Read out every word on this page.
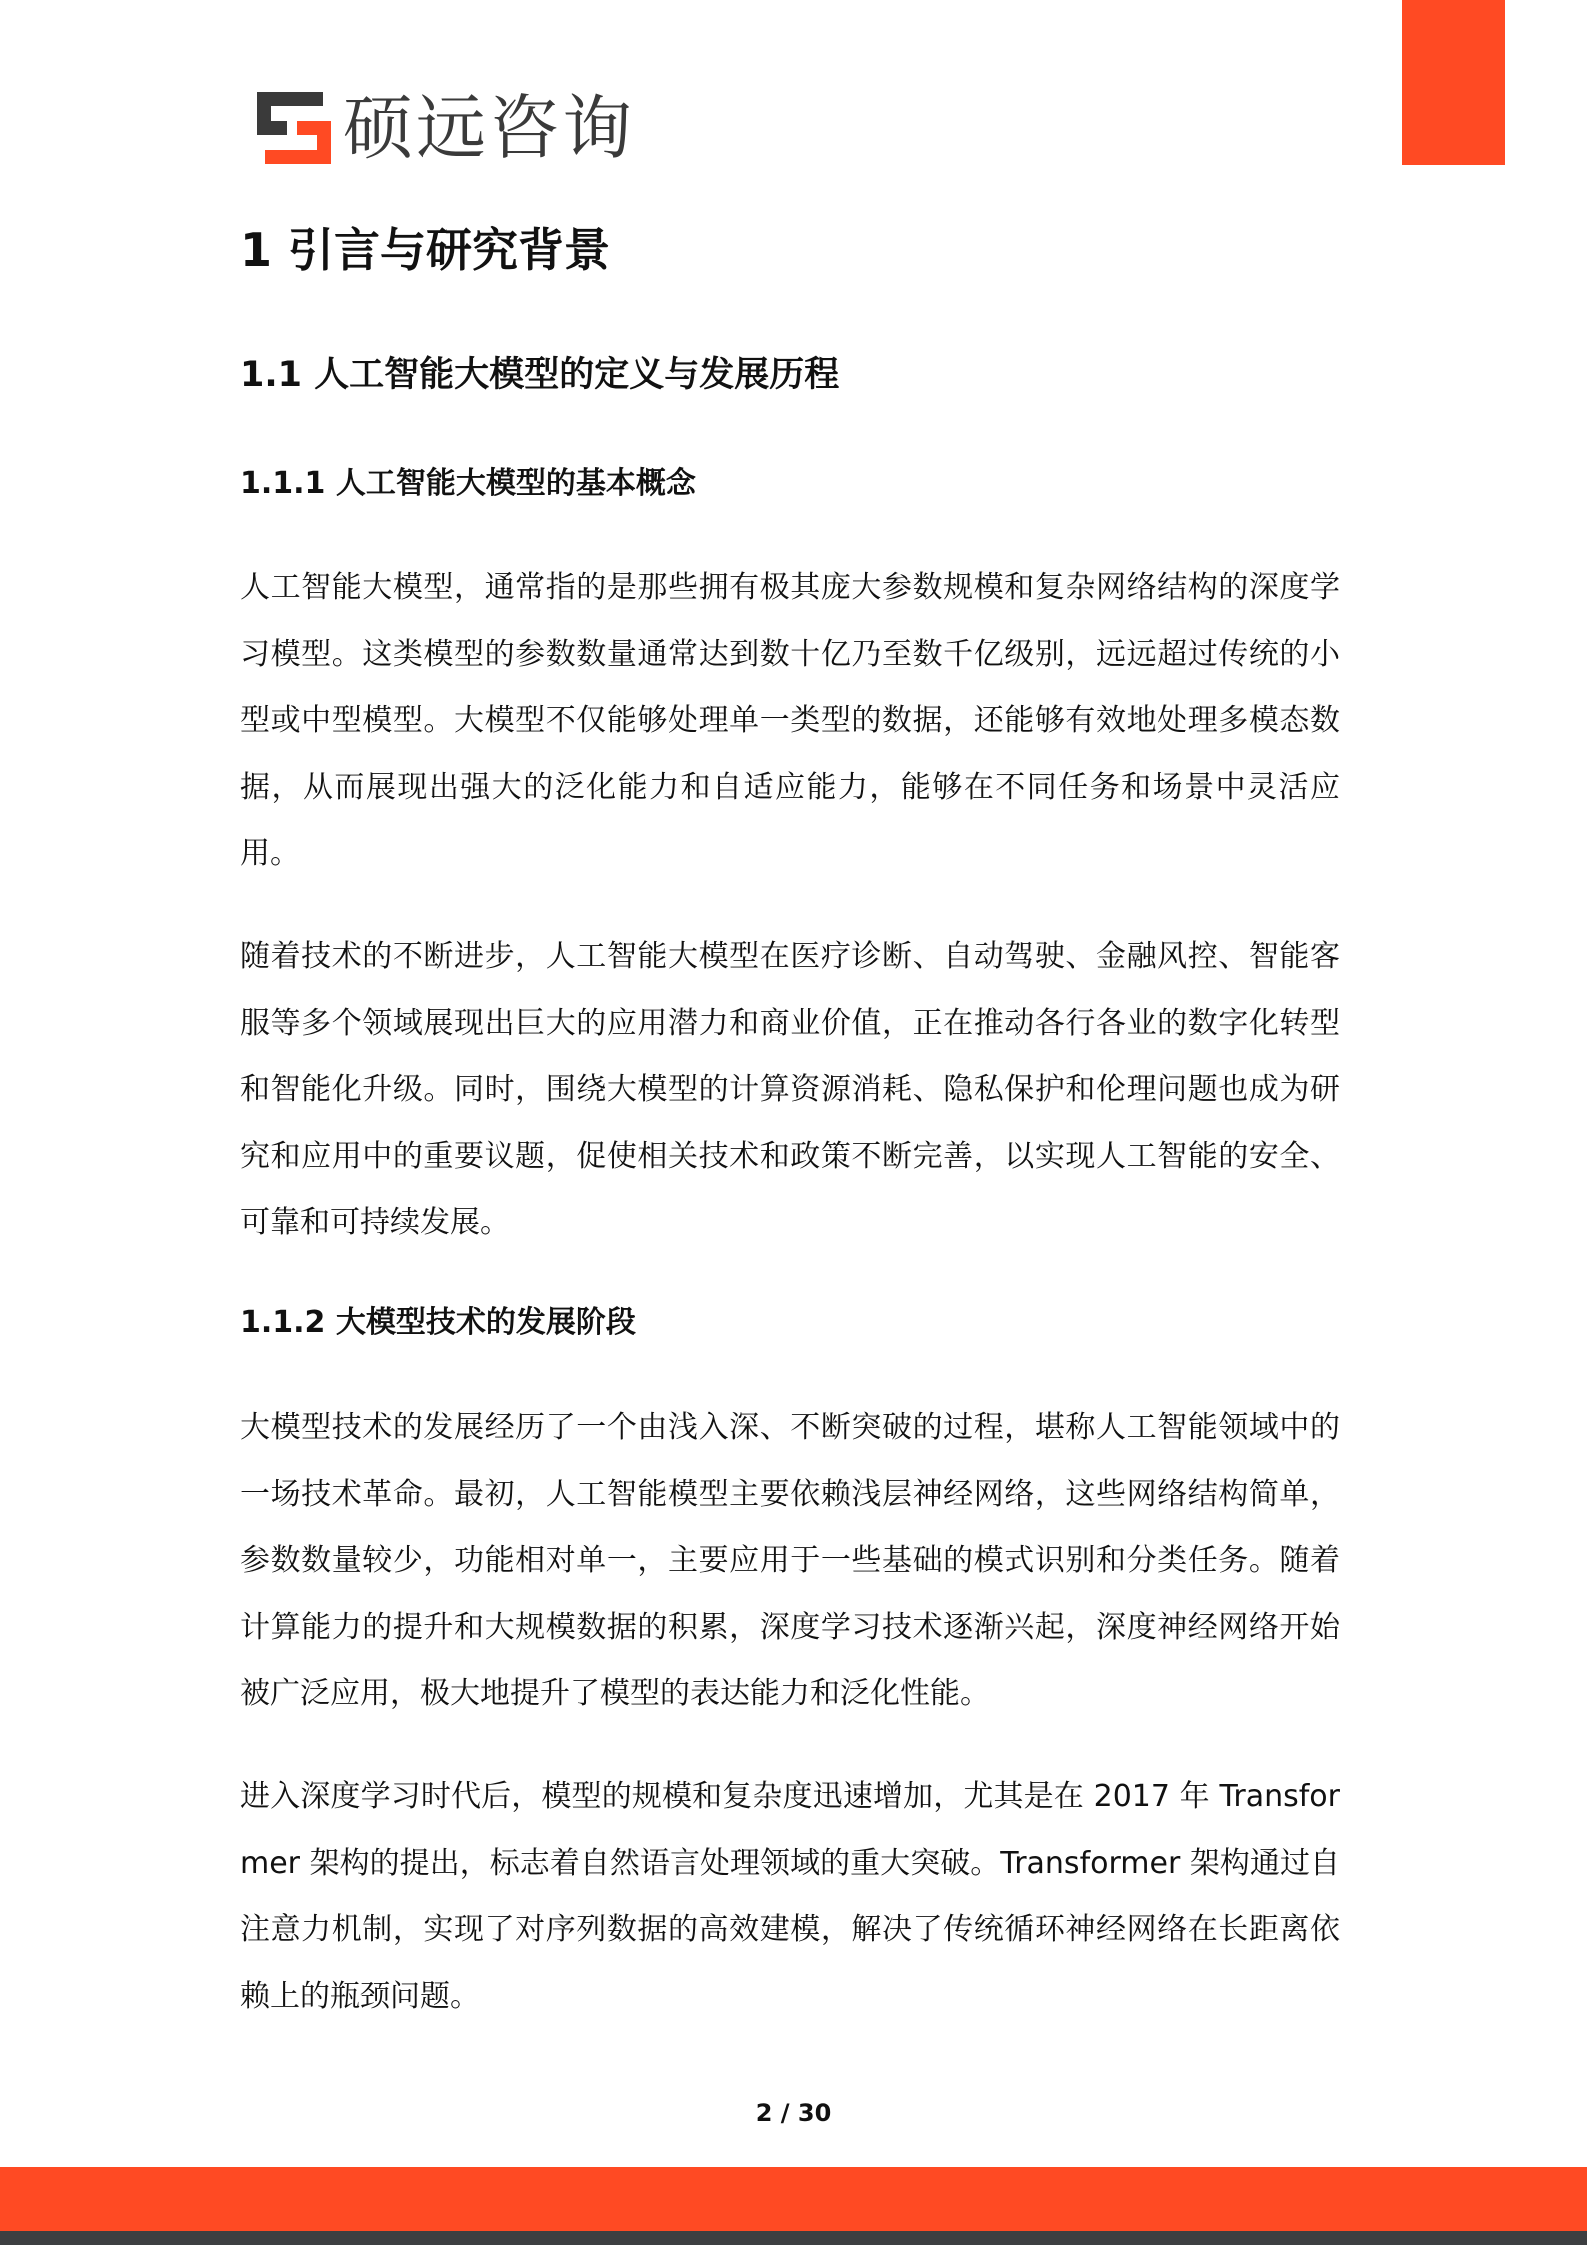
硕远咨询
1 引言与研究背景
1.1 人工智能大模型的定义与发展历程
1.1.1 人工智能大模型的基本概念

人工智能大模型，通常指的是那些拥有极其庞大参数规模和复杂网络结构的深度学习模型。这类模型的参数数量通常达到数十亿乃至数千亿级别，远远超过传统的小型或中型模型。大模型不仅能够处理单一类型的数据，还能够有效地处理多模态数据，从而展现出强大的泛化能力和自适应能力，能够在不同任务和场景中灵活应用。

随着技术的不断进步，人工智能大模型在医疗诊断、自动驾驶、金融风控、智能客服等多个领域展现出巨大的应用潜力和商业价值，正在推动各行各业的数字化转型和智能化升级。同时，围绕大模型的计算资源消耗、隐私保护和伦理问题也成为研究和应用中的重要议题，促使相关技术和政策不断完善，以实现人工智能的安全、可靠和可持续发展。

1.1.2 大模型技术的发展阶段

大模型技术的发展经历了一个由浅入深、不断突破的过程，堪称人工智能领域中的一场技术革命。最初，人工智能模型主要依赖浅层神经网络，这些网络结构简单，参数数量较少，功能相对单一，主要应用于一些基础的模式识别和分类任务。随着计算能力的提升和大规模数据的积累，深度学习技术逐渐兴起，深度神经网络开始被广泛应用，极大地提升了模型的表达能力和泛化性能。

进入深度学习时代后，模型的规模和复杂度迅速增加，尤其是在 2017 年 Transformer 架构的提出，标志着自然语言处理领域的重大突破。Transformer 架构通过自注意力机制，实现了对序列数据的高效建模，解决了传统循环神经网络在长距离依赖上的瓶颈问题。

2 / 30
